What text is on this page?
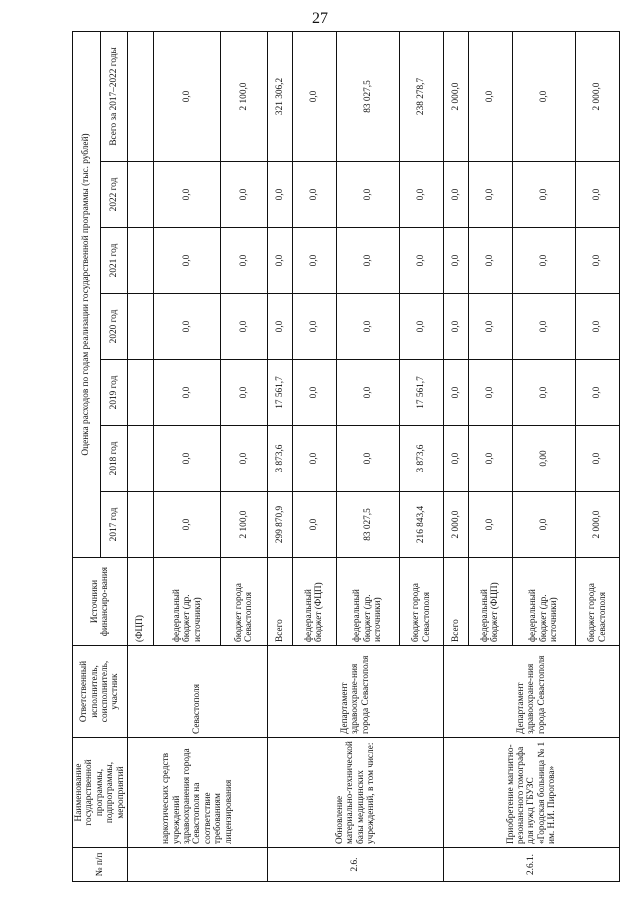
27
№ п/п	Наименование государственной программы, подпрограммы, мероприятий	Ответственный исполнитель, соисполнитель, участник	Источники финансиро-вания	Оценка расходов по годам реализации государственной программы (тыс. рублей)						
				2017 год	2018 год	2019 год	2020 год	2021 год	2022 год	Всего за 2017–2022 годы
	наркотических средств учреждений здравоохранения города Севастополя на соответствие требованиям лицензирования	Севастополя	(ФЦП)							
			федеральный бюджет (др. источники)	0,0	0,0	0,0	0,0	0,0	0,0	0,0
			бюджет города Севастополя	2 100,0	0,0	0,0	0,0	0,0	0,0	2 100,0
2.6.	Обновление материально-технической базы медицинских учреждений, в том числе:	Департамент здравоохране-ния города Севастополя	Всего	299 870,9	3 873,6	17 561,7	0,0	0,0	0,0	321 306,2
			федеральный бюджет (ФЦП)	0,0	0,0	0,0	0,0	0,0	0,0	0,0
			федеральный бюджет (др. источники)	83 027,5	0,0	0,0	0,0	0,0	0,0	83 027,5
			бюджет города Севастополя	216 843,4	3 873,6	17 561,7	0,0	0,0	0,0	238 278,7
2.6.1.	Приобретение магнитно-резонансного томографа для нужд ГБУЗС «Городская больница № 1 им. Н.И. Пирогова»	Департамент здравоохране-ния города Севастополя	Всего	2 000,0	0,0	0,0	0,0	0,0	0,0	2 000,0
			федеральный бюджет (ФЦП)	0,0	0,0	0,0	0,0	0,0	0,0	0,0
			федеральный бюджет (др. источники)	0,0	0,00	0,0	0,0	0,0	0,0	0,0
			бюджет города Севастополя	2 000,0	0,0	0,0	0,0	0,0	0,0	2 000,0
